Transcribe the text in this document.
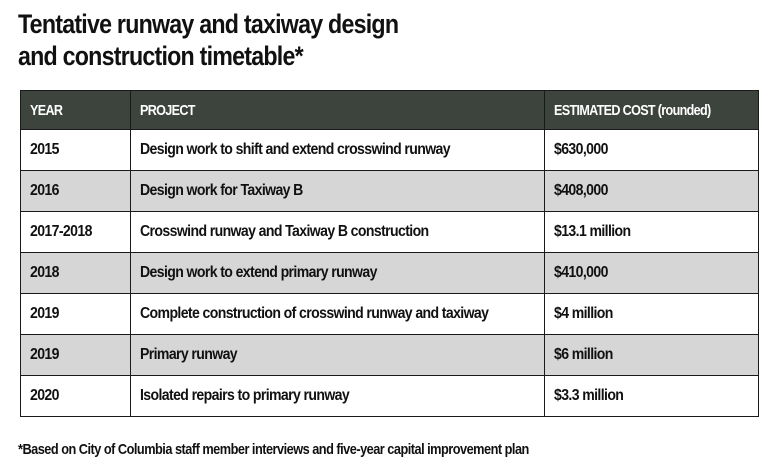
Tentative runway and taxiway design
and construction timetable*
YEAR	PROJECT	ESTIMATED COST (rounded)
2015	Design work to shift and extend crosswind runway	$630,000
2016	Design work for Taxiway B	$408,000
2017-2018	Crosswind runway and Taxiway B construction	$13.1 million
2018	Design work to extend primary runway	$410,000
2019	Complete construction of crosswind runway and taxiway	$4 million
2019	Primary runway	$6 million
2020	Isolated repairs to primary runway	$3.3 million

*Based on City of Columbia staff member interviews and five-year capital improvement plan
